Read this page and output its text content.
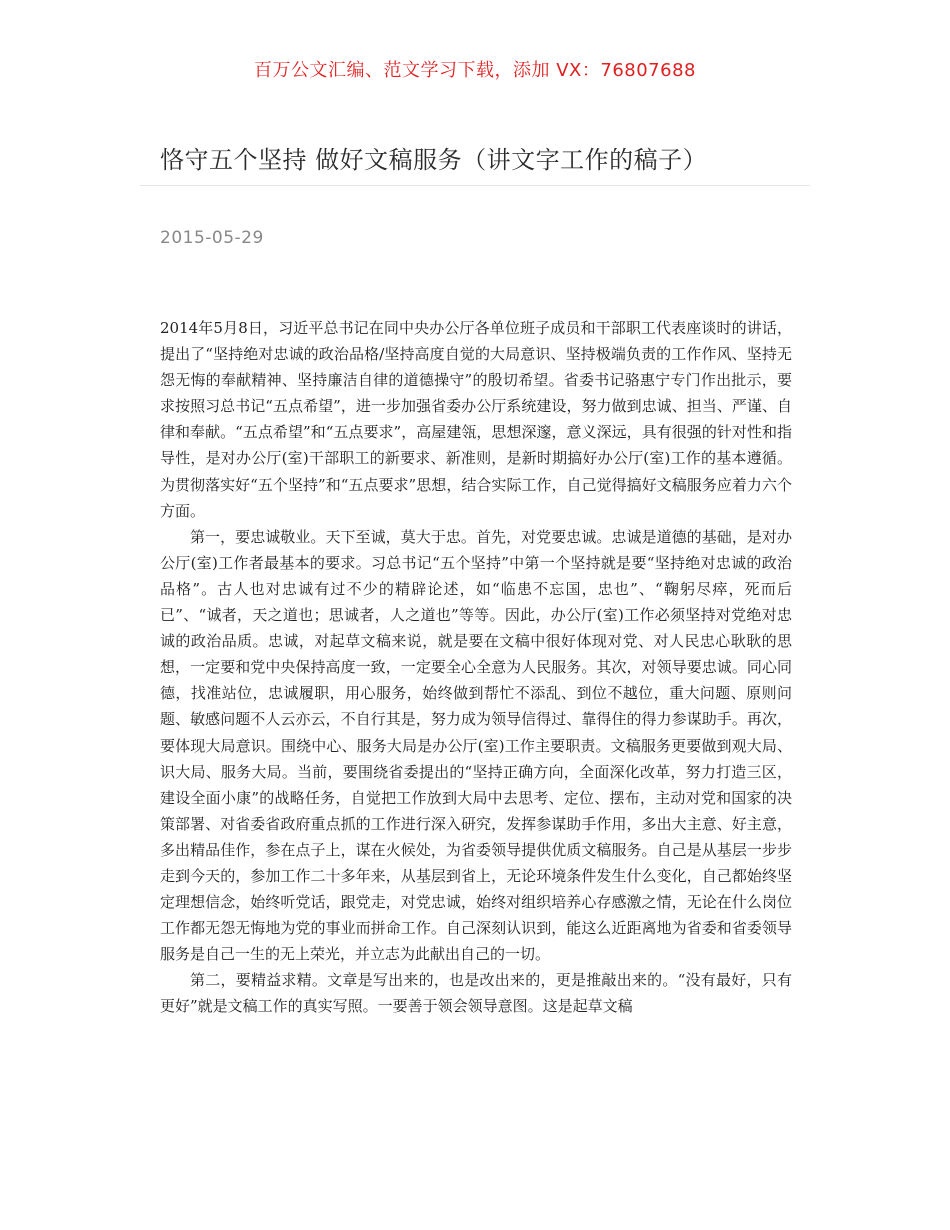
百万公文汇编、范文学习下载，添加 VX：76807688
恪守五个坚持 做好文稿服务（讲文字工作的稿子）
2015-05-29

2014年5月8日，习近平总书记在同中央办公厅各单位班子成员和干部职工代表座谈时的讲话，提出了“坚持绝对忠诚的政治品格/坚持高度自觉的大局意识、坚持极端负责的工作作风、坚持无怨无悔的奉献精神、坚持廉洁自律的道德操守”的殷切希望。省委书记骆惠宁专门作出批示，要求按照习总书记“五点希望”，进一步加强省委办公厅系统建设，努力做到忠诚、担当、严谨、自律和奉献。“五点希望”和“五点要求”，高屋建瓴，思想深邃，意义深远，具有很强的针对性和指导性，是对办公厅(室)干部职工的新要求、新准则，是新时期搞好办公厅(室)工作的基本遵循。为贯彻落实好“五个坚持”和“五点要求”思想，结合实际工作，自己觉得搞好文稿服务应着力六个方面。

第一，要忠诚敬业。天下至诚，莫大于忠。首先，对党要忠诚。忠诚是道德的基础，是对办公厅(室)工作者最基本的要求。习总书记“五个坚持”中第一个坚持就是要“坚持绝对忠诚的政治品格”。古人也对忠诚有过不少的精辟论述，如“临患不忘国，忠也”、“鞠躬尽瘁，死而后已”、“诚者，天之道也；思诚者，人之道也”等等。因此，办公厅(室)工作必须坚持对党绝对忠诚的政治品质。忠诚，对起草文稿来说，就是要在文稿中很好体现对党、对人民忠心耿耿的思想，一定要和党中央保持高度一致，一定要全心全意为人民服务。其次，对领导要忠诚。同心同德，找准站位，忠诚履职，用心服务，始终做到帮忙不添乱、到位不越位，重大问题、原则问题、敏感问题不人云亦云，不自行其是，努力成为领导信得过、靠得住的得力参谋助手。再次，要体现大局意识。围绕中心、服务大局是办公厅(室)工作主要职责。文稿服务更要做到观大局、识大局、服务大局。当前，要围绕省委提出的“坚持正确方向，全面深化改革，努力打造三区，建设全面小康”的战略任务，自觉把工作放到大局中去思考、定位、摆布，主动对党和国家的决策部署、对省委省政府重点抓的工作进行深入研究，发挥参谋助手作用，多出大主意、好主意，多出精品佳作，参在点子上，谋在火候处，为省委领导提供优质文稿服务。自己是从基层一步步走到今天的，参加工作二十多年来，从基层到省上，无论环境条件发生什么变化，自己都始终坚定理想信念，始终听党话，跟党走，对党忠诚，始终对组织培养心存感激之情，无论在什么岗位工作都无怨无悔地为党的事业而拼命工作。自己深刻认识到，能这么近距离地为省委和省委领导服务是自己一生的无上荣光，并立志为此献出自己的一切。

第二，要精益求精。文章是写出来的，也是改出来的，更是推敲出来的。“没有最好，只有更好”就是文稿工作的真实写照。一要善于领会领导意图。这是起草文稿
